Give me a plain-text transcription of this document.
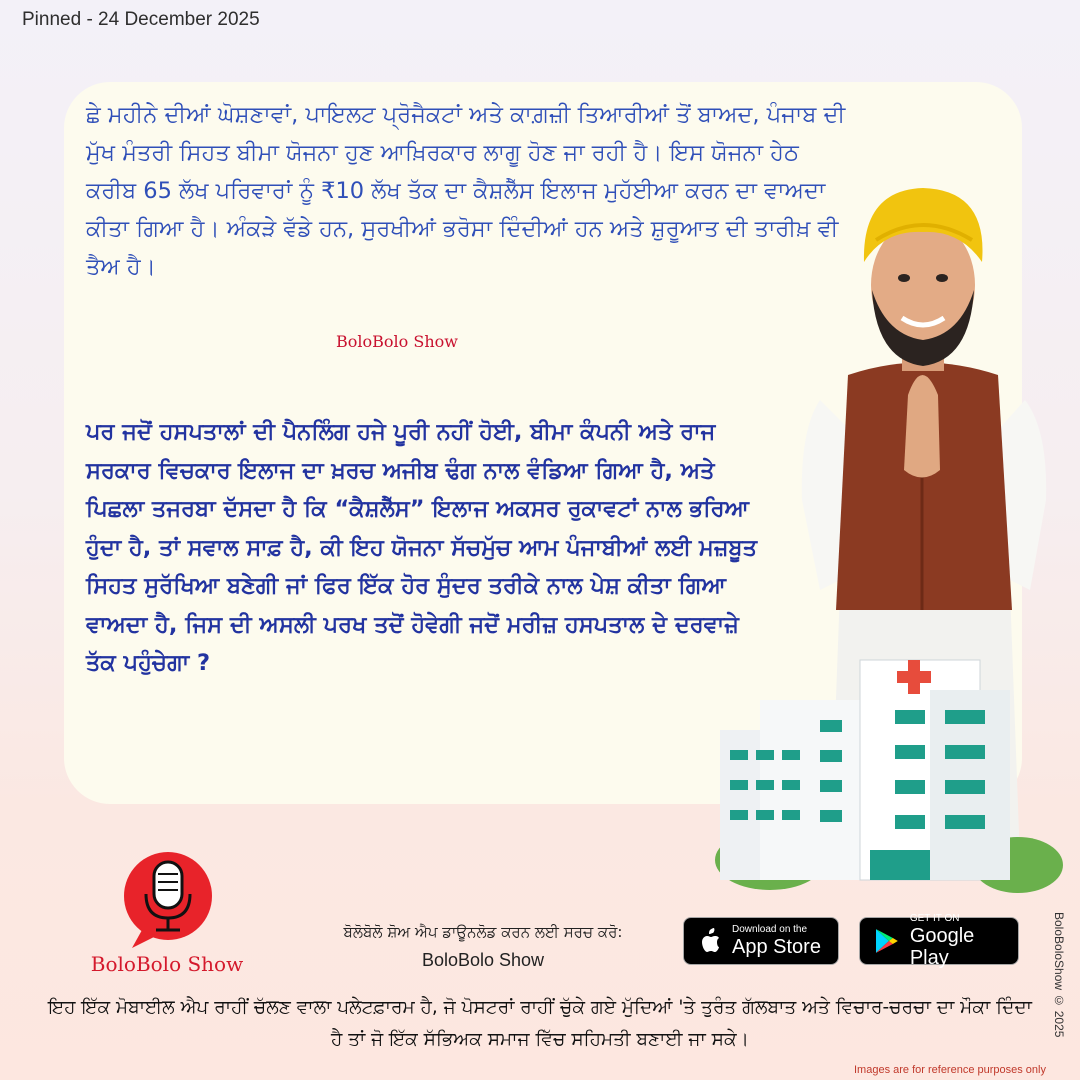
Pinned - 24 December 2025

ਛੇ ਮਹੀਨੇ ਦੀਆਂ ਘੋਸ਼ਣਾਵਾਂ, ਪਾਇਲਟ ਪ੍ਰੋਜੈਕਟਾਂ ਅਤੇ ਕਾਗ਼ਜ਼ੀ ਤਿਆਰੀਆਂ ਤੋਂ ਬਾਅਦ, ਪੰਜਾਬ ਦੀ ਮੁੱਖ ਮੰਤਰੀ ਸਿਹਤ ਬੀਮਾ ਯੋਜਨਾ ਹੁਣ ਆਖ਼ਿਰਕਾਰ ਲਾਗੂ ਹੋਣ ਜਾ ਰਹੀ ਹੈ। ਇਸ ਯੋਜਨਾ ਹੇਠ ਕਰੀਬ 65 ਲੱਖ ਪਰਿਵਾਰਾਂ ਨੂੰ ₹10 ਲੱਖ ਤੱਕ ਦਾ ਕੈਸ਼ਲੈੱਸ ਇਲਾਜ ਮੁਹੱਈਆ ਕਰਨ ਦਾ ਵਾਅਦਾ ਕੀਤਾ ਗਿਆ ਹੈ। ਅੰਕੜੇ ਵੱਡੇ ਹਨ, ਸੁਰਖੀਆਂ ਭਰੋਸਾ ਦਿੰਦੀਆਂ ਹਨ ਅਤੇ ਸ਼ੁਰੂਆਤ ਦੀ ਤਾਰੀਖ਼ ਵੀ ਤੈਅ ਹੈ।

BoloBolo Show

ਪਰ ਜਦੋਂ ਹਸਪਤਾਲਾਂ ਦੀ ਪੈਨਲਿੰਗ ਹਜੇ ਪੂਰੀ ਨਹੀਂ ਹੋਈ, ਬੀਮਾ ਕੰਪਨੀ ਅਤੇ ਰਾਜ ਸਰਕਾਰ ਵਿਚਕਾਰ ਇਲਾਜ ਦਾ ਖ਼ਰਚ ਅਜੀਬ ਢੰਗ ਨਾਲ ਵੰਡਿਆ ਗਿਆ ਹੈ, ਅਤੇ ਪਿਛਲਾ ਤਜਰਬਾ ਦੱਸਦਾ ਹੈ ਕਿ “ਕੈਸ਼ਲੈੱਸ” ਇਲਾਜ ਅਕਸਰ ਰੁਕਾਵਟਾਂ ਨਾਲ ਭਰਿਆ ਹੁੰਦਾ ਹੈ, ਤਾਂ ਸਵਾਲ ਸਾਫ਼ ਹੈ, ਕੀ ਇਹ ਯੋਜਨਾ ਸੱਚਮੁੱਚ ਆਮ ਪੰਜਾਬੀਆਂ ਲਈ ਮਜ਼ਬੂਤ ਸਿਹਤ ਸੁਰੱਖਿਆ ਬਣੇਗੀ ਜਾਂ ਫਿਰ ਇੱਕ ਹੋਰ ਸੁੰਦਰ ਤਰੀਕੇ ਨਾਲ ਪੇਸ਼ ਕੀਤਾ ਗਿਆ ਵਾਅਦਾ ਹੈ, ਜਿਸ ਦੀ ਅਸਲੀ ਪਰਖ ਤਦੋਂ ਹੋਵੇਗੀ ਜਦੋਂ ਮਰੀਜ਼ ਹਸਪਤਾਲ ਦੇ ਦਰਵਾਜ਼ੇ ਤੱਕ ਪਹੁੰਚੇਗਾ ?

BoloBolo Show
ਬੋਲੋਬੋਲੋ ਸ਼ੋਅ ਐਪ ਡਾਊਨਲੋਡ ਕਰਨ ਲਈ ਸਰਚ ਕਰੋ:
BoloBolo Show
Download on the
App Store
GET IT ON
Google Play

ਇਹ ਇੱਕ ਮੋਬਾਈਲ ਐਪ ਰਾਹੀਂ ਚੱਲਣ ਵਾਲਾ ਪਲੇਟਫ਼ਾਰਮ ਹੈ, ਜੋ ਪੋਸਟਰਾਂ ਰਾਹੀਂ ਚੁੱਕੇ ਗਏ ਮੁੱਦਿਆਂ 'ਤੇ ਤੁਰੰਤ ਗੱਲਬਾਤ ਅਤੇ ਵਿਚਾਰ-ਚਰਚਾ ਦਾ ਮੌਕਾ ਦਿੰਦਾ ਹੈ ਤਾਂ ਜੋ ਇੱਕ ਸੱਭਿਅਕ ਸਮਾਜ ਵਿੱਚ ਸਹਿਮਤੀ ਬਣਾਈ ਜਾ ਸਕੇ।

BoloBoloShow © 2025
Images are for reference purposes only
